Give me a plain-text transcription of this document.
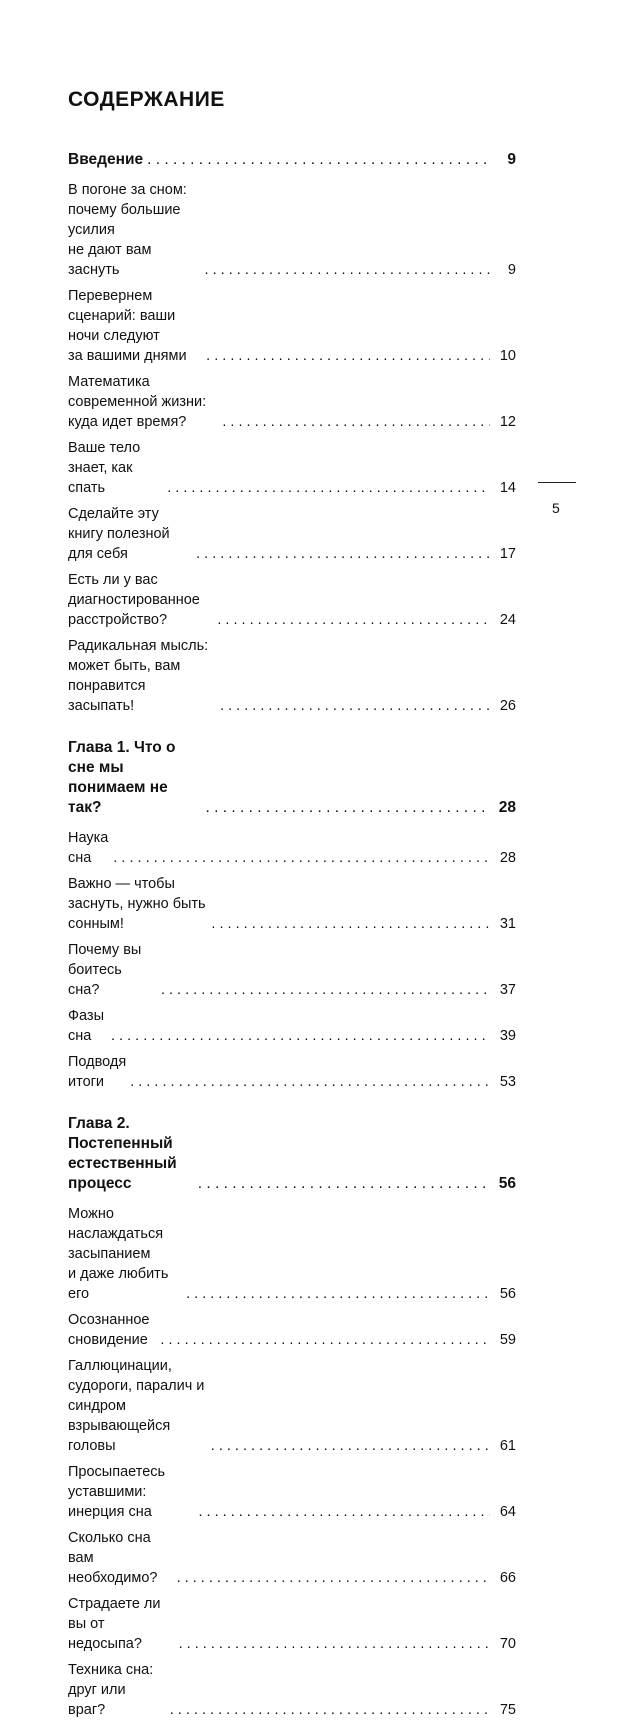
СОДЕРЖАНИЕ
Введение . . .	9
В погоне за сном: почему большие усилия
не дают вам заснуть . . .	9
Перевернем сценарий: ваши ночи следуют
за вашими днями . . .	10
Математика современной жизни: куда идет время? . . .	12
Ваше тело знает, как спать . . .	14
Сделайте эту книгу полезной для себя . . .	17
Есть ли у вас диагностированное расстройство? . . .	24
Радикальная мысль: может быть, вам понравится
засыпать! . . .	26
Глава 1. Что о сне мы понимаем не так? . . .	28
Наука сна . . .	28
Важно — чтобы заснуть, нужно быть сонным! . . .	31
Почему вы боитесь сна? . . .	37
Фазы сна . . .	39
Подводя итоги . . .	53
Глава 2. Постепенный естественный
процесс . . .	56
Можно наслаждаться засыпанием
и даже любить его . . .	56
Осознанное сновидение . . .	59
Галлюцинации, судороги, паралич и синдром
взрывающейся головы . . .	61
Просыпаетесь уставшими: инерция сна . . .	64
Сколько сна вам необходимо? . . .	66
Страдаете ли вы от недосыпа? . . .	70
Техника сна: друг или враг? . . .	75
5
